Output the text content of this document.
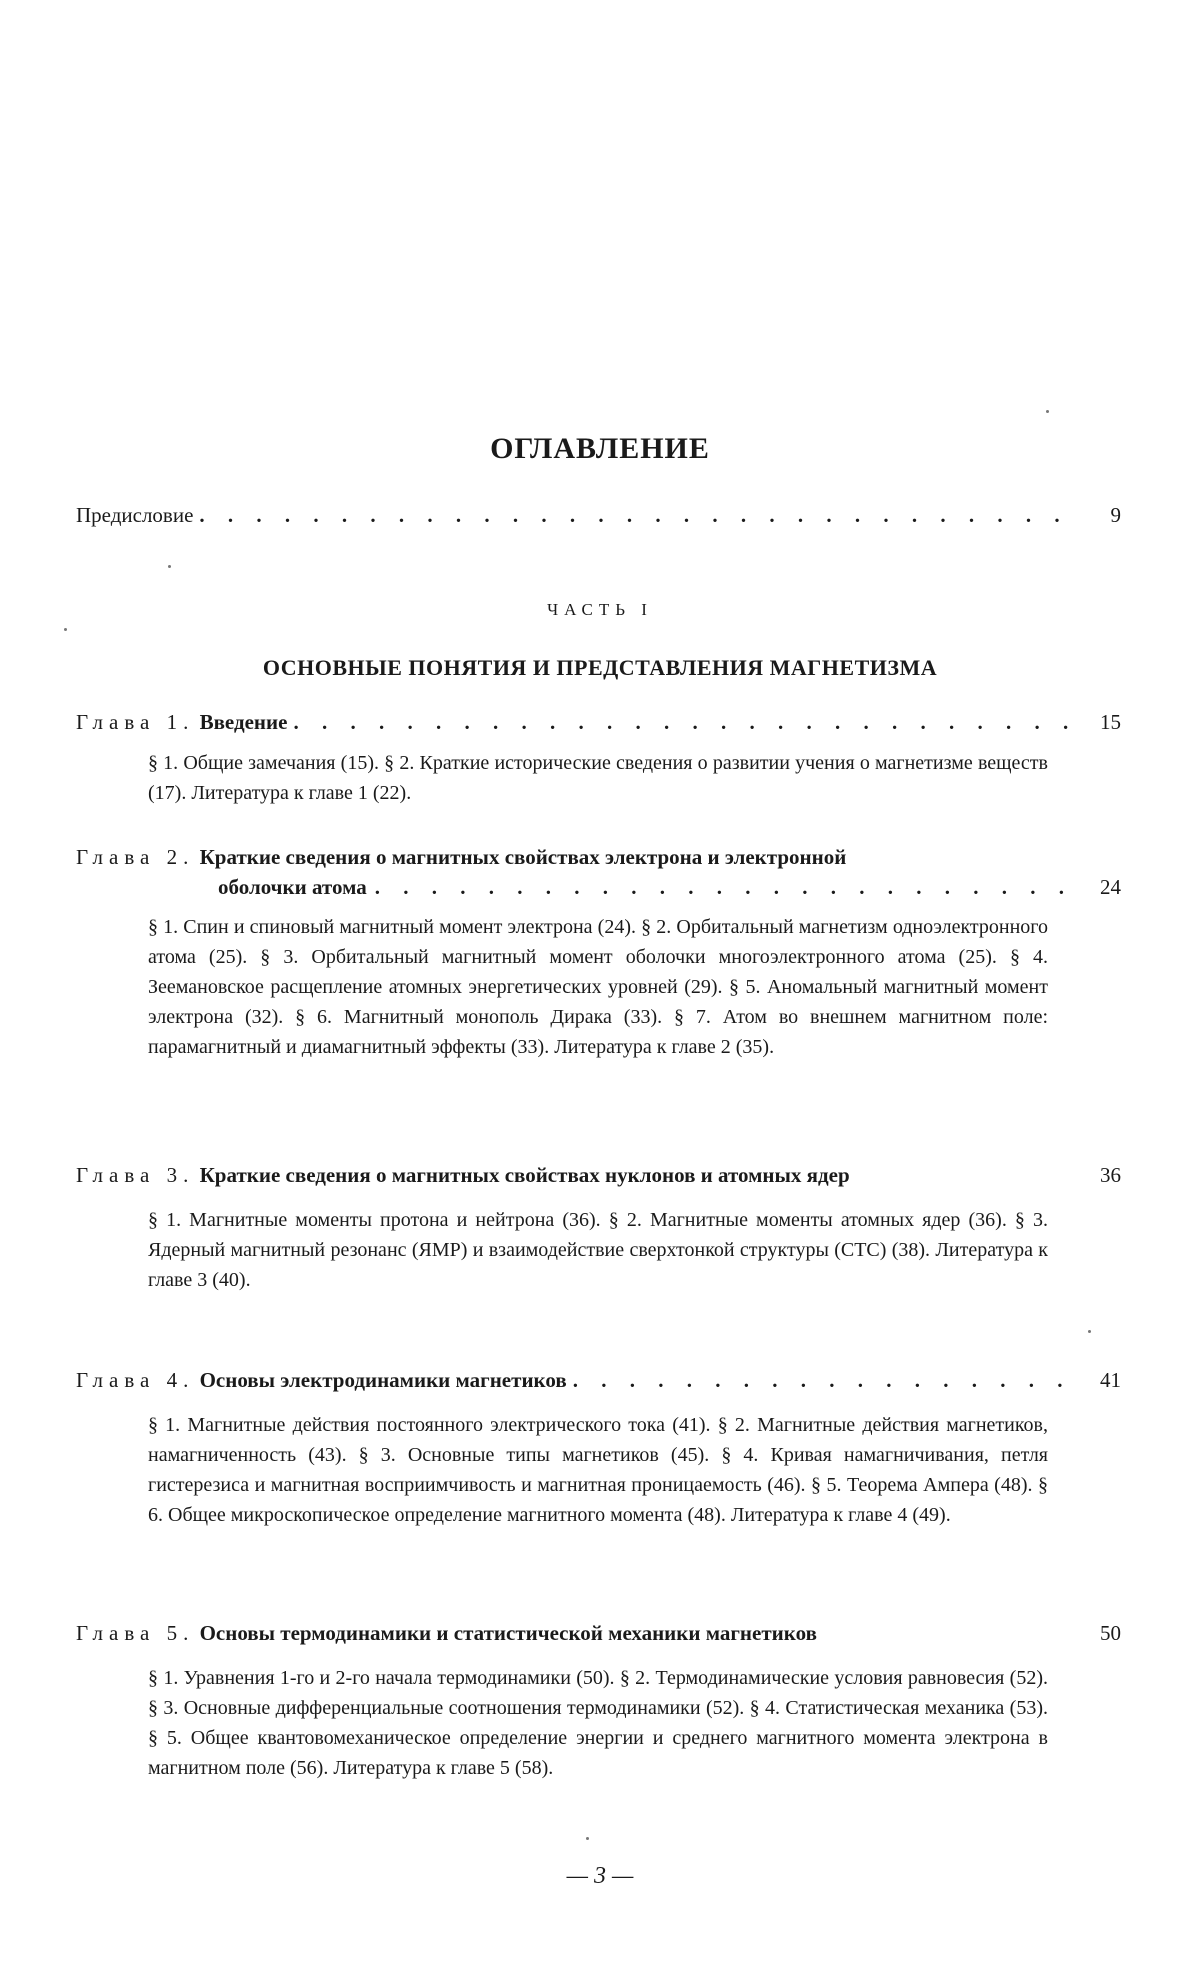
ОГЛАВЛЕНИЕ
Предисловие
. . .	9
ЧАСТЬ I
ОСНОВНЫЕ ПОНЯТИЯ И ПРЕДСТАВЛЕНИЯ МАГНЕТИЗМА
Глава 1. Введение
. . .	15
§ 1. Общие замечания (15). § 2. Краткие исторические сведения о развитии учения о магнетизме веществ (17). Литература к главе 1 (22).
Глава 2. Краткие сведения о магнитных свойствах электрона и электронной
оболочки атома
. . .	24
§ 1. Спин и спиновый магнитный момент электрона (24). § 2. Орбитальный магнетизм одноэлектронного атома (25). § 3. Орбитальный магнитный момент оболочки многоэлектронного атома (25). § 4. Зеемановское расщепление атомных энергетических уровней (29). § 5. Аномальный магнитный момент электрона (32). § 6. Магнитный монополь Дирака (33). § 7. Атом во внешнем магнитном поле: парамагнитный и диамагнитный эффекты (33). Литература к главе 2 (35).
Глава 3. Краткие сведения о магнитных свойствах нуклонов и атомных ядер	36
§ 1. Магнитные моменты протона и нейтрона (36). § 2. Магнитные моменты атомных ядер (36). § 3. Ядерный магнитный резонанс (ЯМР) и взаимодействие сверхтонкой структуры (СТС) (38). Литература к главе 3 (40).
Глава 4. Основы электродинамики магнетиков
. . .	41
§ 1. Магнитные действия постоянного электрического тока (41). § 2. Магнитные действия магнетиков, намагниченность (43). § 3. Основные типы магнетиков (45). § 4. Кривая намагничивания, петля гистерезиса и магнитная восприимчивость и магнитная проницаемость (46). § 5. Теорема Ампера (48). § 6. Общее микроскопическое определение магнитного момента (48). Литература к главе 4 (49).
Глава 5. Основы термодинамики и статистической механики магнетиков	50
§ 1. Уравнения 1-го и 2-го начала термодинамики (50). § 2. Термодинамические условия равновесия (52). § 3. Основные дифференциальные соотношения термодинамики (52). § 4. Статистическая механика (53). § 5. Общее квантовомеханическое определение энергии и среднего магнитного момента электрона в магнитном поле (56). Литература к главе 5 (58).
— 3 —
